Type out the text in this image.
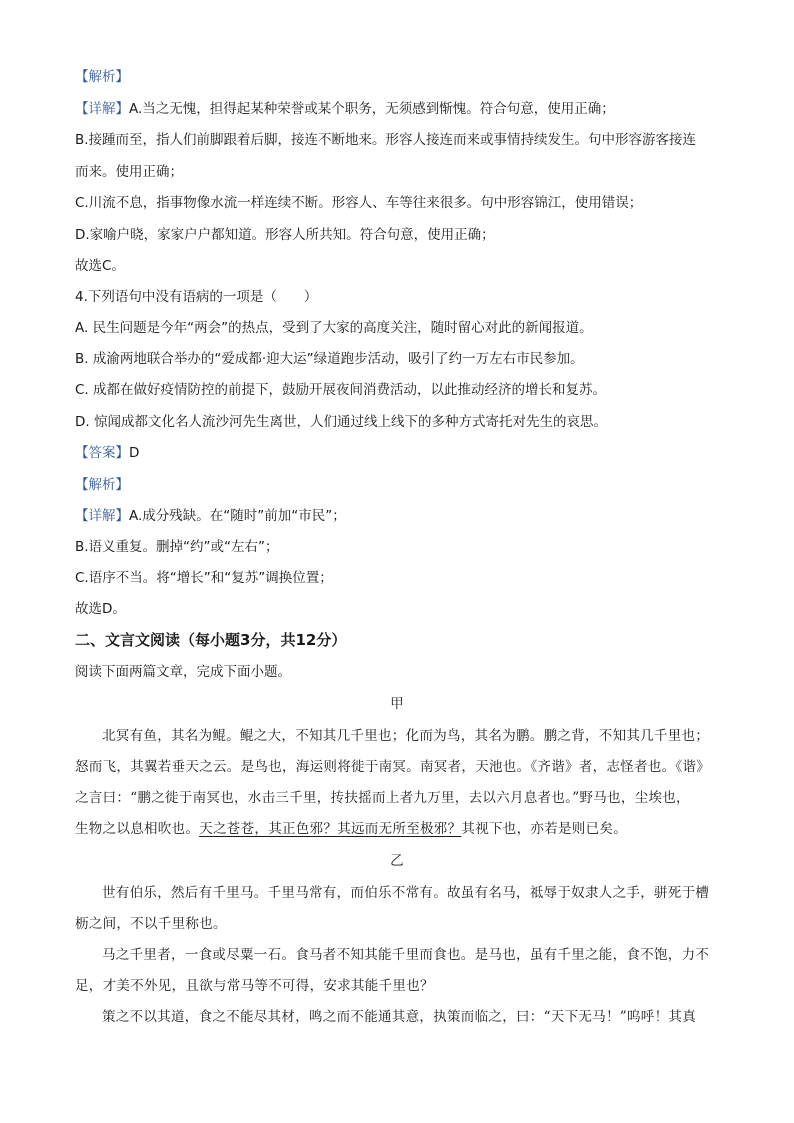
【解析】
【详解】A.当之无愧，担得起某种荣誉或某个职务，无须感到惭愧。符合句意，使用正确；
B.接踵而至，指人们前脚跟着后脚，接连不断地来。形容人接连而来或事情持续发生。句中形容游客接连
而来。使用正确；
C.川流不息，指事物像水流一样连续不断。形容人、车等往来很多。句中形容锦江，使用错误；
D.家喻户晓，家家户户都知道。形容人所共知。符合句意，使用正确；
故选C。
4.下列语句中没有语病的一项是（　　）
A. 民生问题是今年“两会”的热点，受到了大家的高度关注，随时留心对此的新闻报道。
B. 成渝两地联合举办的“爱成都·迎大运”绿道跑步活动，吸引了约一万左右市民参加。
C. 成都在做好疫情防控的前提下，鼓励开展夜间消费活动，以此推动经济的增长和复苏。
D. 惊闻成都文化名人流沙河先生离世，人们通过线上线下的多种方式寄托对先生的哀思。
【答案】D
【解析】
【详解】A.成分残缺。在“随时”前加“市民”；
B.语义重复。删掉“约”或“左右”；
C.语序不当。将“增长”和“复苏”调换位置；
故选D。
二、文言文阅读（每小题3分，共12分）
阅读下面两篇文章，完成下面小题。
甲
北冥有鱼，其名为鲲。鲲之大，不知其几千里也；化而为鸟，其名为鹏。鹏之背，不知其几千里也；
怒而飞，其翼若垂天之云。是鸟也，海运则将徙于南冥。南冥者，天池也。《齐谐》者，志怪者也。《谐》
之言曰：“鹏之徙于南冥也，水击三千里，抟扶摇而上者九万里，去以六月息者也。”野马也，尘埃也，
生物之以息相吹也。天之苍苍，其正色邪？其远而无所至极邪？其视下也，亦若是则已矣。
乙
世有伯乐，然后有千里马。千里马常有，而伯乐不常有。故虽有名马，祗辱于奴隶人之手，骈死于槽
枥之间，不以千里称也。
马之千里者，一食或尽粟一石。食马者不知其能千里而食也。是马也，虽有千里之能，食不饱，力不
足，才美不外见，且欲与常马等不可得，安求其能千里也？
策之不以其道，食之不能尽其材，鸣之而不能通其意，执策而临之，曰：“天下无马！”呜呼！其真
